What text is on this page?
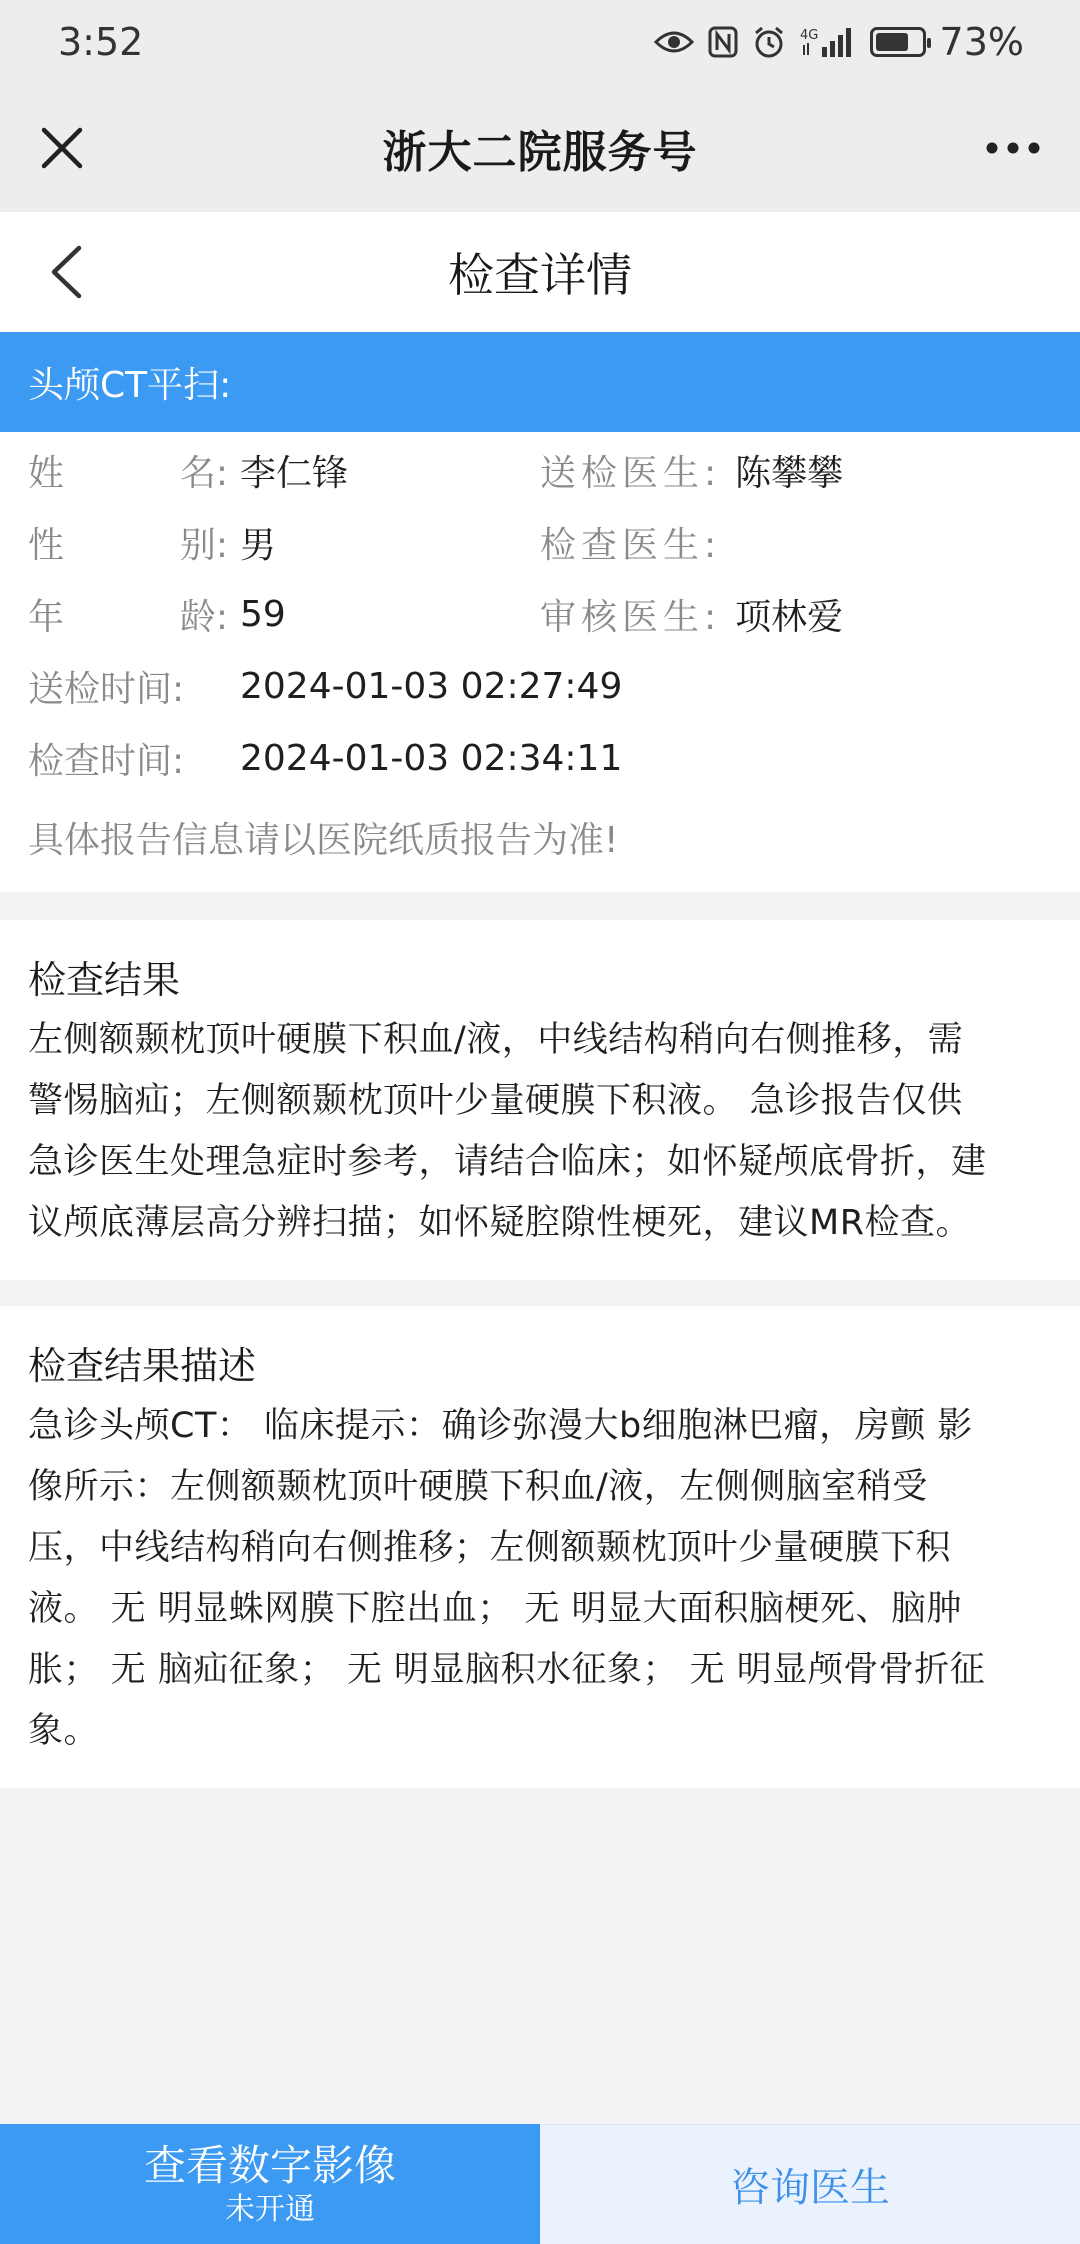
3:52	4G	73%
浙大二院服务号
检查详情
头颅CT平扫:
姓	名: 李仁锋	送检医生: 陈攀攀
性	别: 男	检查医生:
年	龄: 59	审核医生: 项林爱
送检时间:	2024-01-03 02:27:49
检查时间:	2024-01-03 02:34:11
具体报告信息请以医院纸质报告为准!
检查结果
左侧额颞枕顶叶硬膜下积血/液，中线结构稍向右侧推移，需
警惕脑疝；左侧额颞枕顶叶少量硬膜下积液。 急诊报告仅供
急诊医生处理急症时参考，请结合临床；如怀疑颅底骨折，建
议颅底薄层高分辨扫描；如怀疑腔隙性梗死，建议MR检查。
检查结果描述
急诊头颅CT： 临床提示：确诊弥漫大b细胞淋巴瘤，房颤 影
像所示：左侧额颞枕顶叶硬膜下积血/液，左侧侧脑室稍受
压，中线结构稍向右侧推移；左侧额颞枕顶叶少量硬膜下积
液。 无 明显蛛网膜下腔出血； 无 明显大面积脑梗死、脑肿
胀； 无 脑疝征象； 无 明显脑积水征象； 无 明显颅骨骨折征
象。
查看数字影像
未开通	咨询医生
